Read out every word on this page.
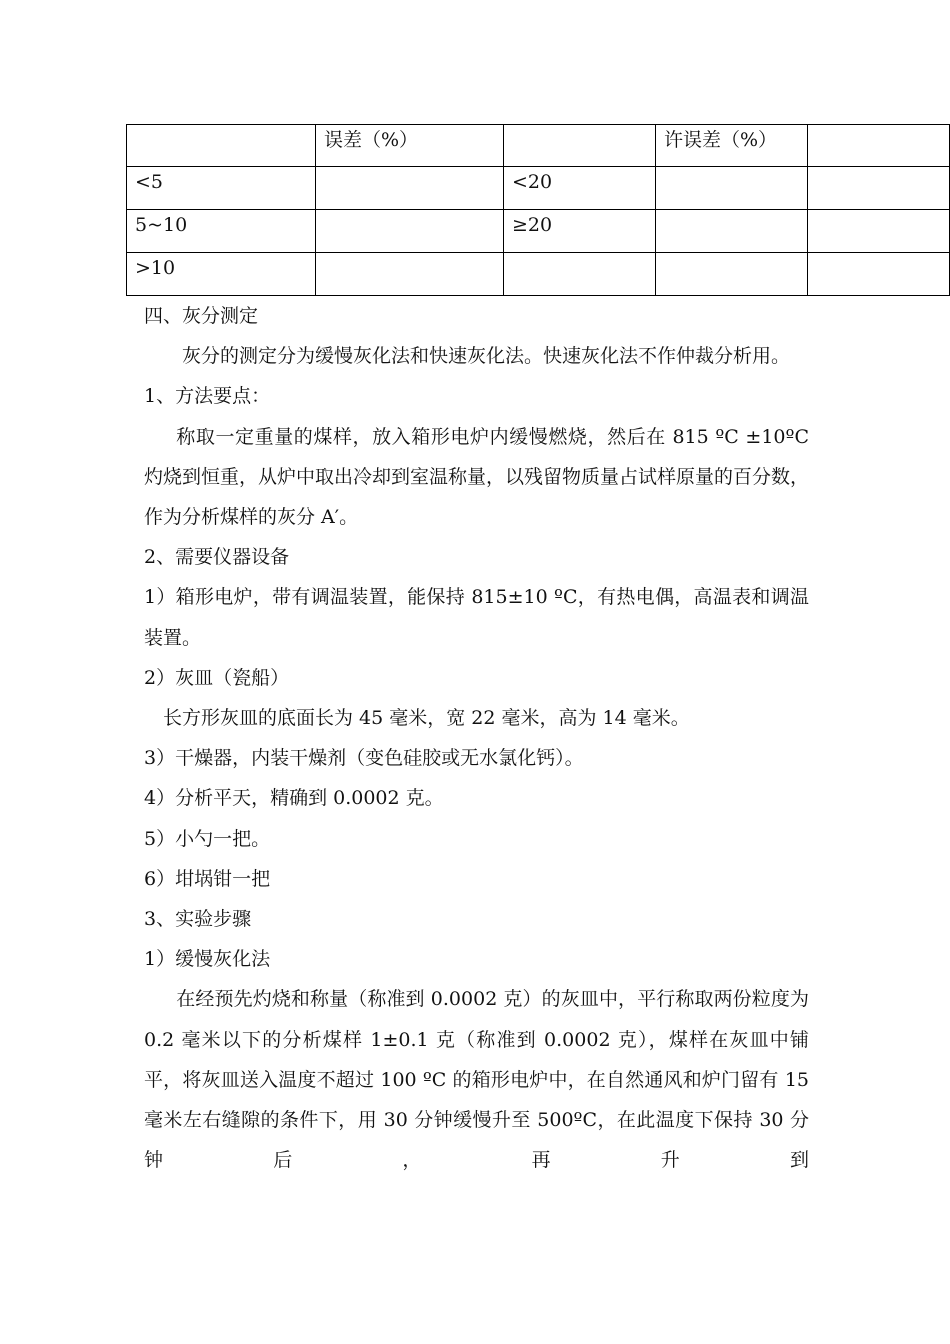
	误差（%）		许误差（%）	
<5		<20		
5~10		≥20		
>10				

四、灰分测定

灰分的测定分为缓慢灰化法和快速灰化法。快速灰化法不作仲裁分析用。

1、方法要点：

称取一定重量的煤样，放入箱形电炉内缓慢燃烧，然后在 815 ºC ±10ºC 灼烧到恒重，从炉中取出冷却到室温称量，以残留物质量占试样原量的百分数，作为分析煤样的灰分 A′。

2、需要仪器设备

1）箱形电炉，带有调温装置，能保持 815±10 ºC，有热电偶，高温表和调温装置。

2）灰皿（瓷船）

长方形灰皿的底面长为 45 毫米，宽 22 毫米，高为 14 毫米。

3）干燥器，内装干燥剂（变色硅胶或无水氯化钙）。

4）分析平天，精确到 0.0002 克。

5）小勺一把。

6）坩埚钳一把

3、实验步骤

1）缓慢灰化法

在经预先灼烧和称量（称准到 0.0002 克）的灰皿中，平行称取两份粒度为 0.2 毫米以下的分析煤样 1±0.1 克（称准到 0.0002 克），煤样在灰皿中铺平，将灰皿送入温度不超过 100 ºC 的箱形电炉中，在自然通风和炉门留有 15 毫米左右缝隙的条件下，用 30 分钟缓慢升至 500ºC，在此温度下保持 30 分钟后，再升到
